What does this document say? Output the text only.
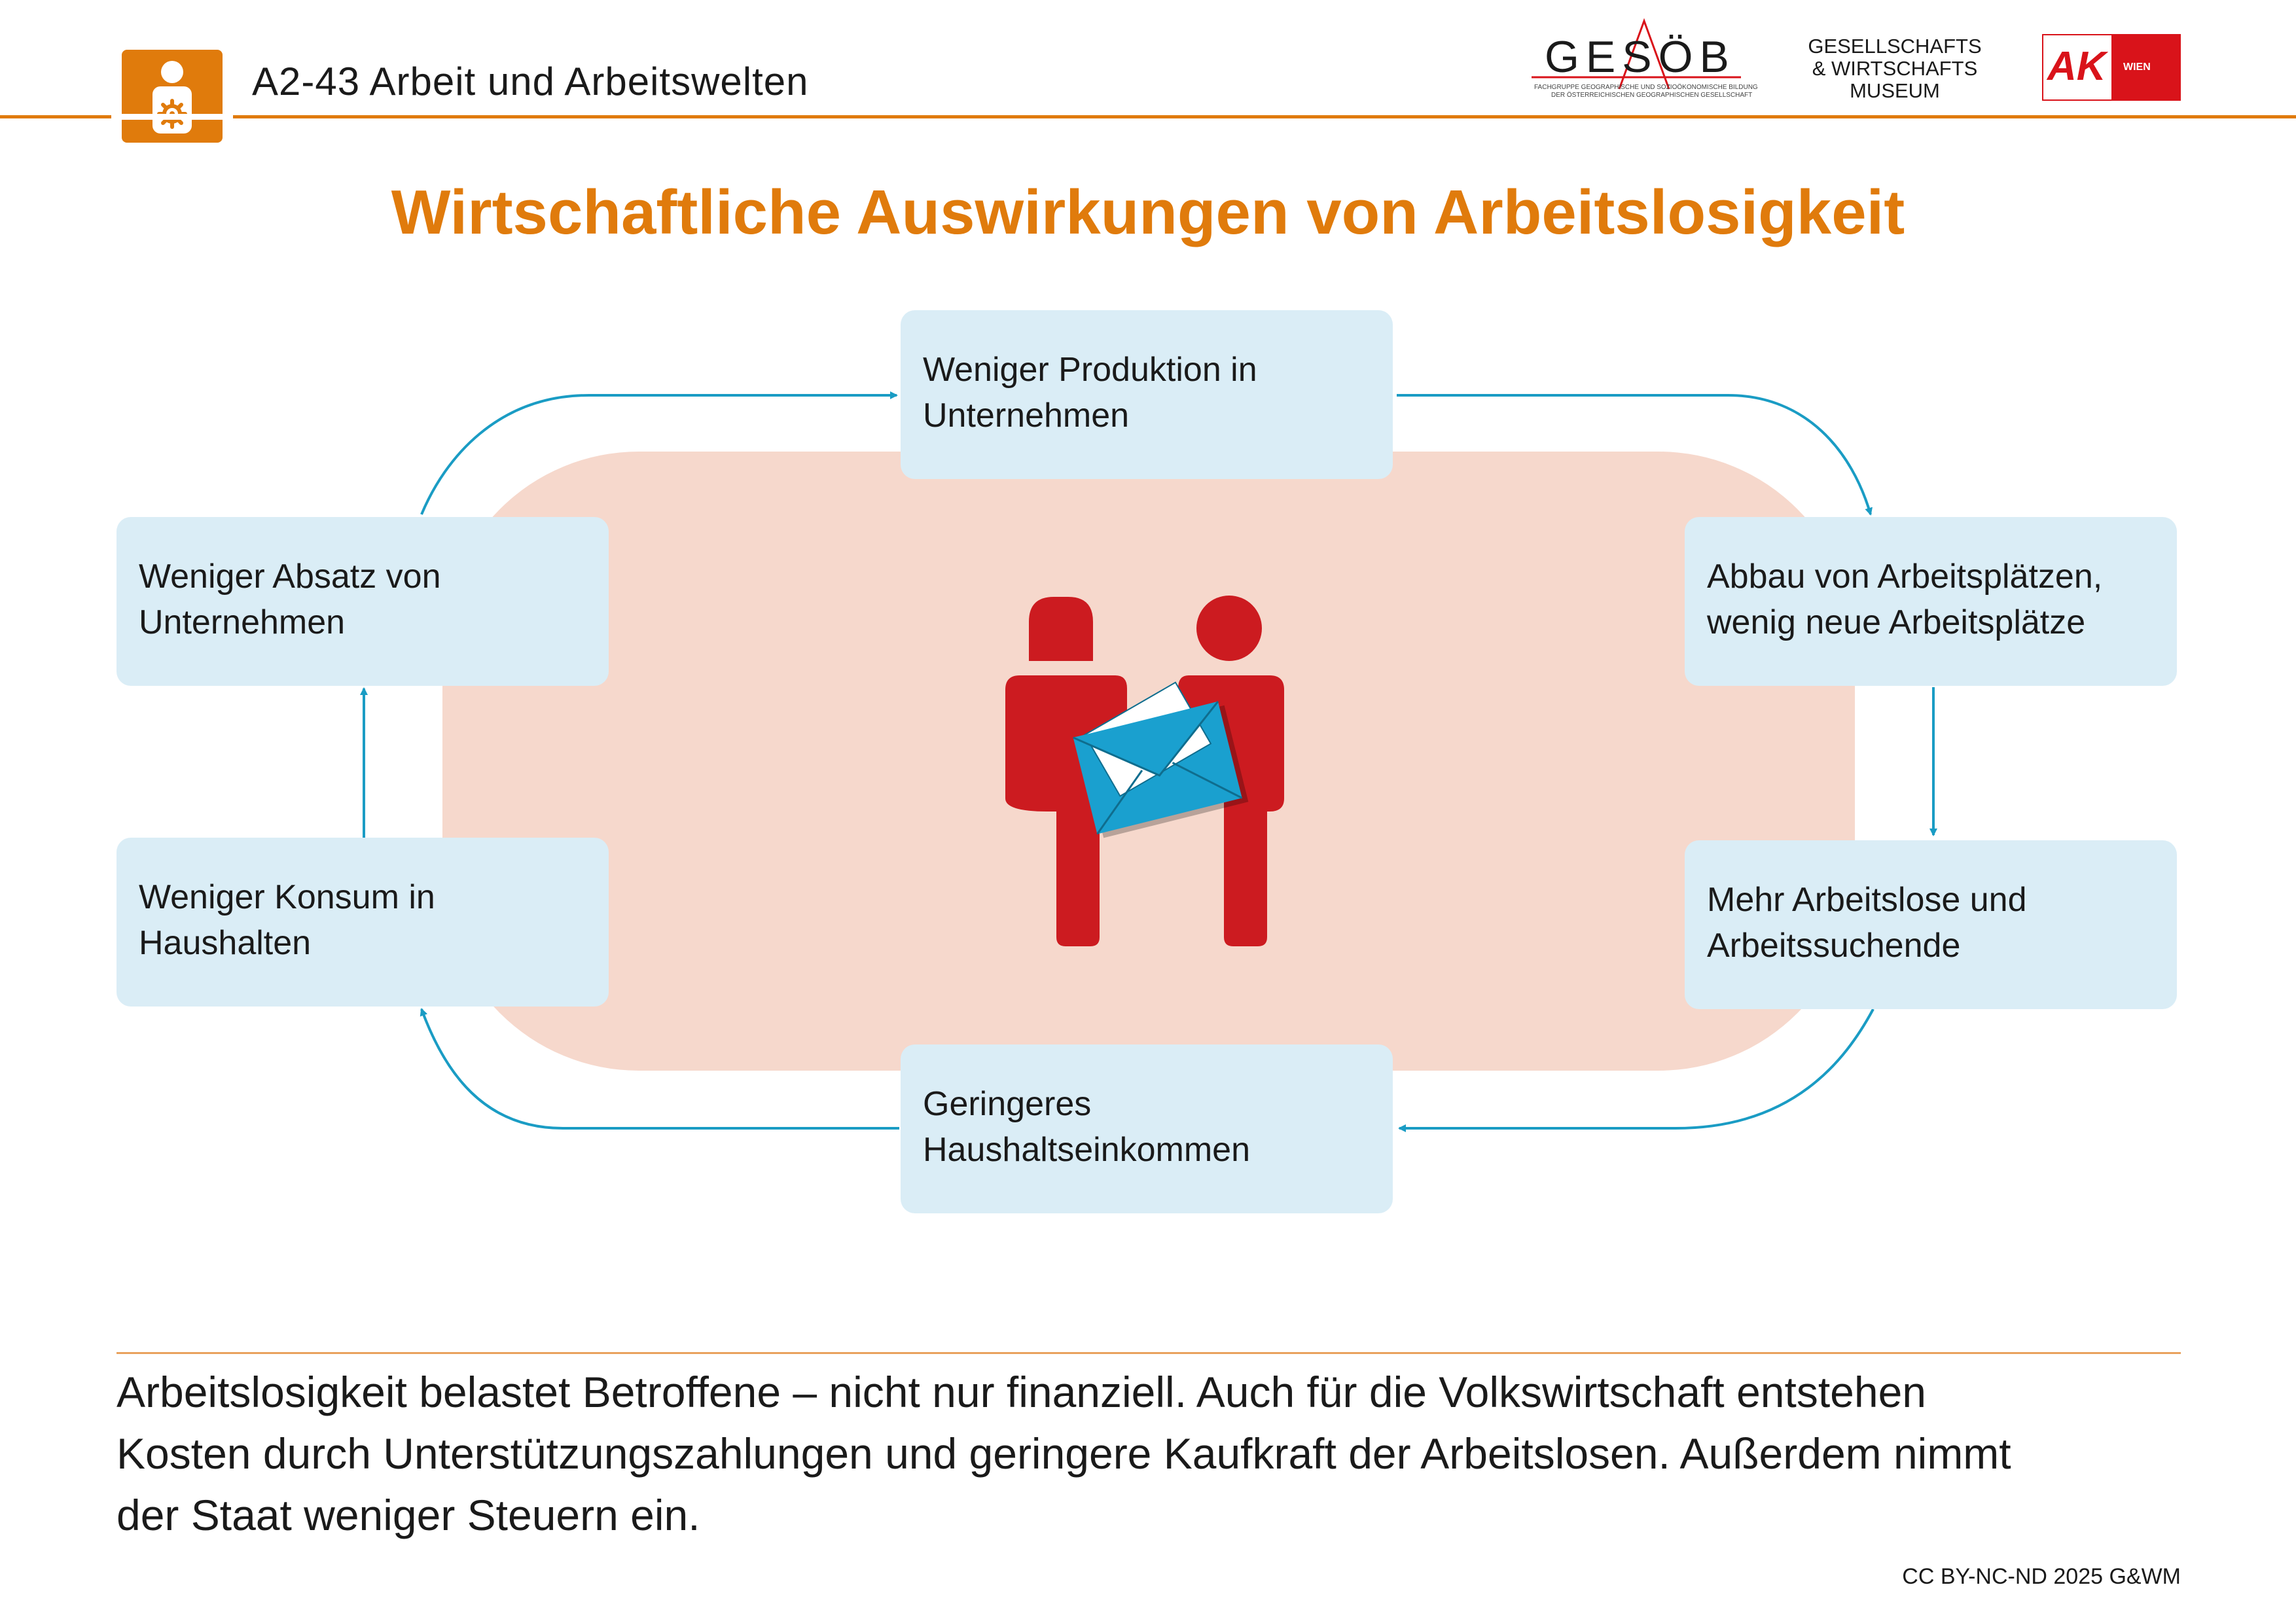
A2-43 Arbeit und Arbeitswelten	GESÖB
FACHGRUPPE GEOGRAPHISCHE UND SOZIOÖKONOMISCHE BILDUNG
DER ÖSTERREICHISCHEN GEOGRAPHISCHEN GESELLSCHAFT
GESELLSCHAFTS
& WIRTSCHAFTS
MUSEUM
AK WIEN
Wirtschaftliche Auswirkungen von Arbeitslosigkeit
Weniger Produktion in
Unternehmen
Abbau von Arbeitsplätzen,
wenig neue Arbeitsplätze
Mehr Arbeitslose und
Arbeitssuchende
Geringeres
Haushaltseinkommen
Weniger Konsum in
Haushalten
Weniger Absatz von
Unternehmen
Arbeitslosigkeit belastet Betroffene – nicht nur finanziell. Auch für die Volkswirtschaft entstehen
Kosten durch Unterstützungszahlungen und geringere Kaufkraft der Arbeitslosen. Außerdem nimmt
der Staat weniger Steuern ein.
CC BY-NC-ND 2025 G&WM
